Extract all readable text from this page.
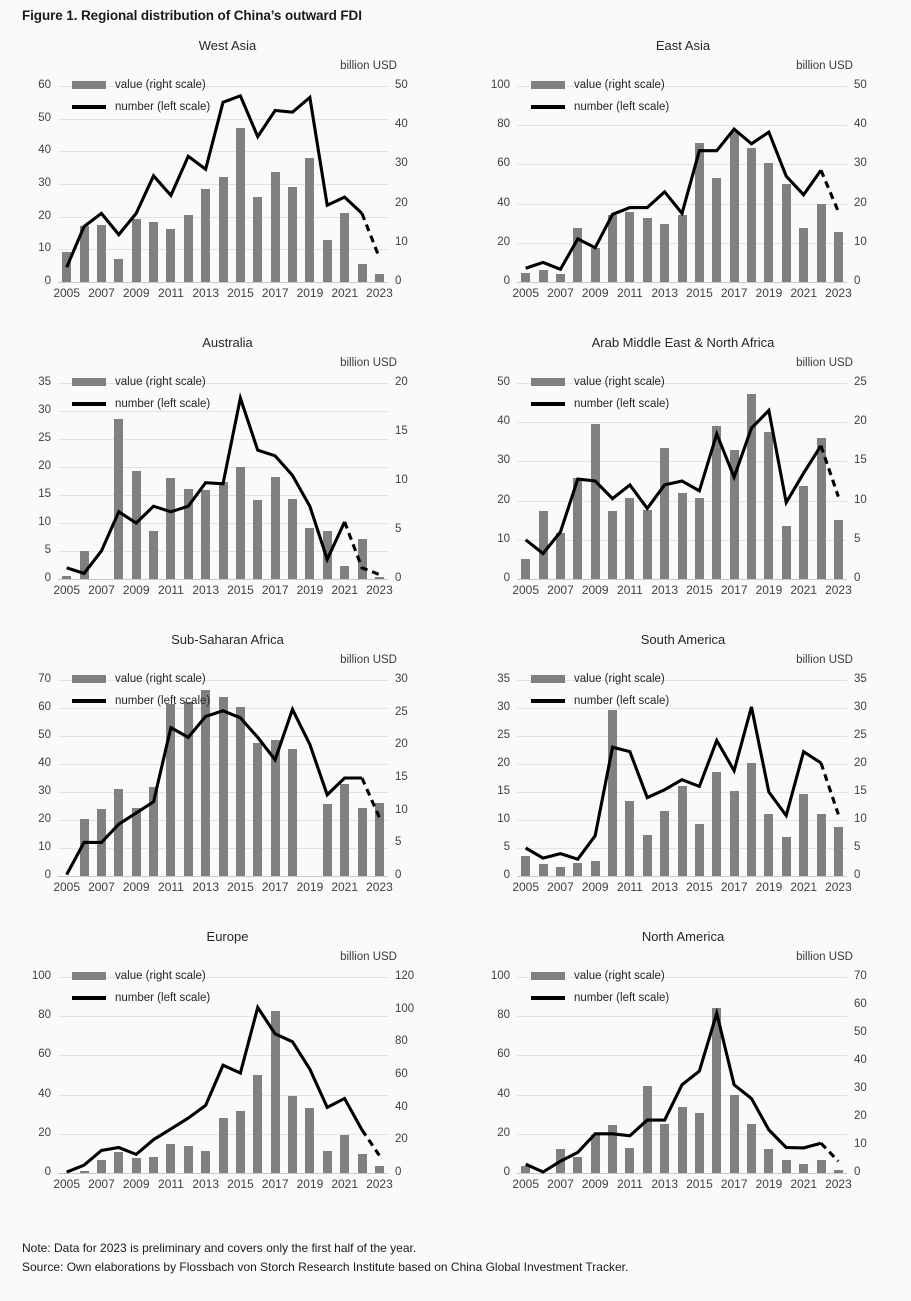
Figure 1. Regional distribution of China’s outward FDI
West Asia
billion USD
0
10
20
30
40
50
60
0
10
20
30
40
50
2005 2007 2009 2011 2013 2015 2017 2019 2021 2023
value (right scale)
number (left scale)
East Asia
billion USD
0
20
40
60
80
100
0
10
20
30
40
50
2005 2007 2009 2011 2013 2015 2017 2019 2021 2023
value (right scale)
number (left scale)
Australia
billion USD
0
5
10
15
20
25
30
35
0
5
10
15
20
2005 2007 2009 2011 2013 2015 2017 2019 2021 2023
value (right scale)
number (left scale)
Arab Middle East & North Africa
billion USD
0
10
20
30
40
50
0
5
10
15
20
25
2005 2007 2009 2011 2013 2015 2017 2019 2021 2023
value (right scale)
number (left scale)
Sub-Saharan Africa
billion USD
0
10
20
30
40
50
60
70
0
5
10
15
20
25
30
2005 2007 2009 2011 2013 2015 2017 2019 2021 2023
value (right scale)
number (left scale)
South America
billion USD
0
5
10
15
20
25
30
35
0
5
10
15
20
25
30
35
2005 2007 2009 2011 2013 2015 2017 2019 2021 2023
value (right scale)
number (left scale)
Europe
billion USD
0
20
40
60
80
100
0
20
40
60
80
100
120
2005 2007 2009 2011 2013 2015 2017 2019 2021 2023
value (right scale)
number (left scale)
North America
billion USD
0
20
40
60
80
100
0
10
20
30
40
50
60
70
2005 2007 2009 2011 2013 2015 2017 2019 2021 2023
value (right scale)
number (left scale)
Note: Data for 2023 is preliminary and covers only the first half of the year.
Source: Own elaborations by Flossbach von Storch Research Institute based on China Global Investment Tracker.
